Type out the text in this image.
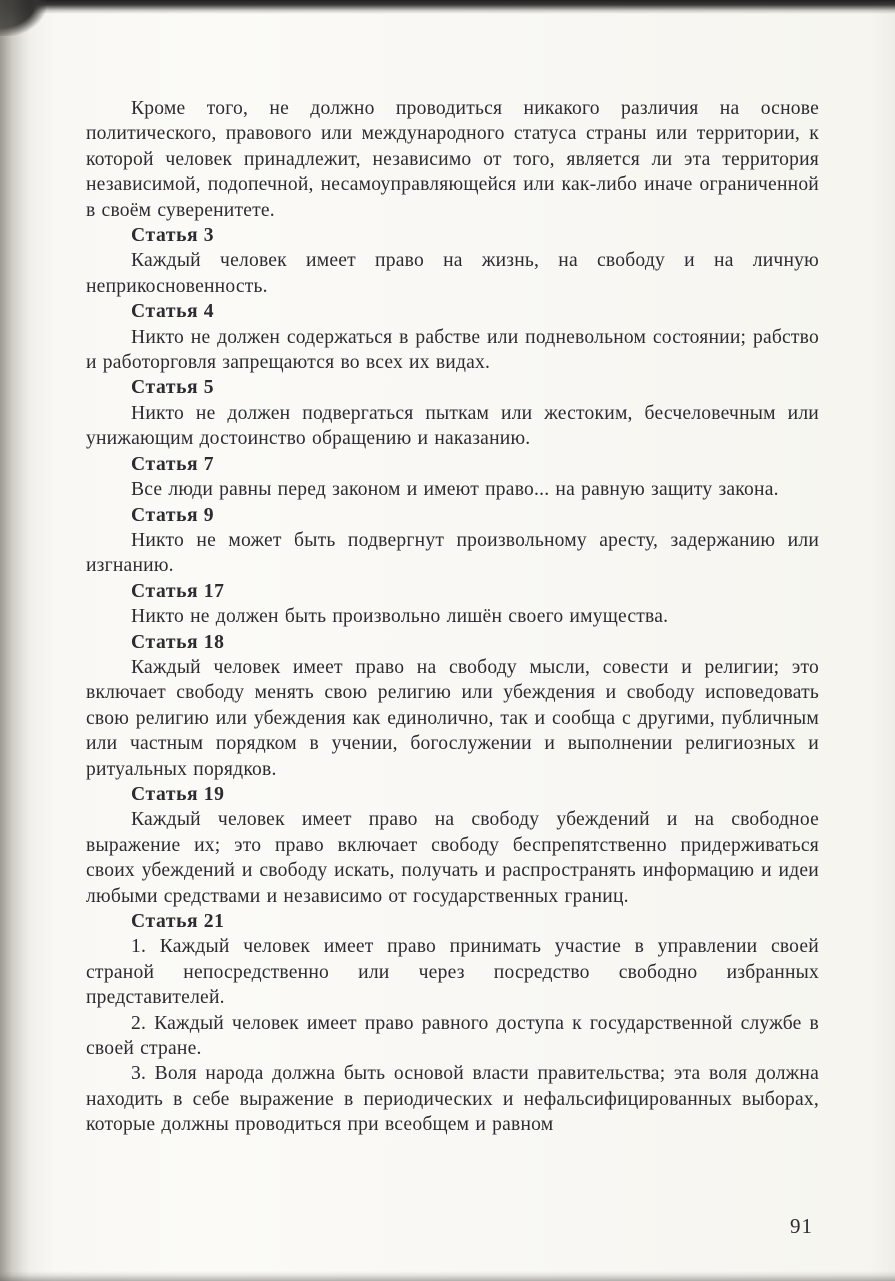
Кроме того, не должно проводиться никакого различия на основе политического, правового или международного статуса страны или территории, к которой человек принадлежит, независимо от того, является ли эта территория независимой, подопечной, несамоуправляющейся или как-либо иначе ограниченной в своём суверенитете.

Статья 3

Каждый человек имеет право на жизнь, на свободу и на личную неприкосновенность.

Статья 4

Никто не должен содержаться в рабстве или подневольном состоянии; рабство и работорговля запрещаются во всех их видах.

Статья 5

Никто не должен подвергаться пыткам или жестоким, бесчеловечным или унижающим достоинство обращению и наказанию.

Статья 7

Все люди равны перед законом и имеют право... на равную защиту закона.

Статья 9

Никто не может быть подвергнут произвольному аресту, задержанию или изгнанию.

Статья 17

Никто не должен быть произвольно лишён своего имущества.

Статья 18

Каждый человек имеет право на свободу мысли, совести и религии; это включает свободу менять свою религию или убеждения и свободу исповедовать свою религию или убеждения как единолично, так и сообща с другими, публичным или частным порядком в учении, богослужении и выполнении религиозных и ритуальных порядков.

Статья 19

Каждый человек имеет право на свободу убеждений и на свободное выражение их; это право включает свободу беспрепятственно придерживаться своих убеждений и свободу искать, получать и распространять информацию и идеи любыми средствами и независимо от государственных границ.

Статья 21

1. Каждый человек имеет право принимать участие в управлении своей страной непосредственно или через посредство свободно избранных представителей.

2. Каждый человек имеет право равного доступа к государственной службе в своей стране.

3. Воля народа должна быть основой власти правительства; эта воля должна находить в себе выражение в периодических и нефальсифицированных выборах, которые должны проводиться при всеобщем и равном

91
